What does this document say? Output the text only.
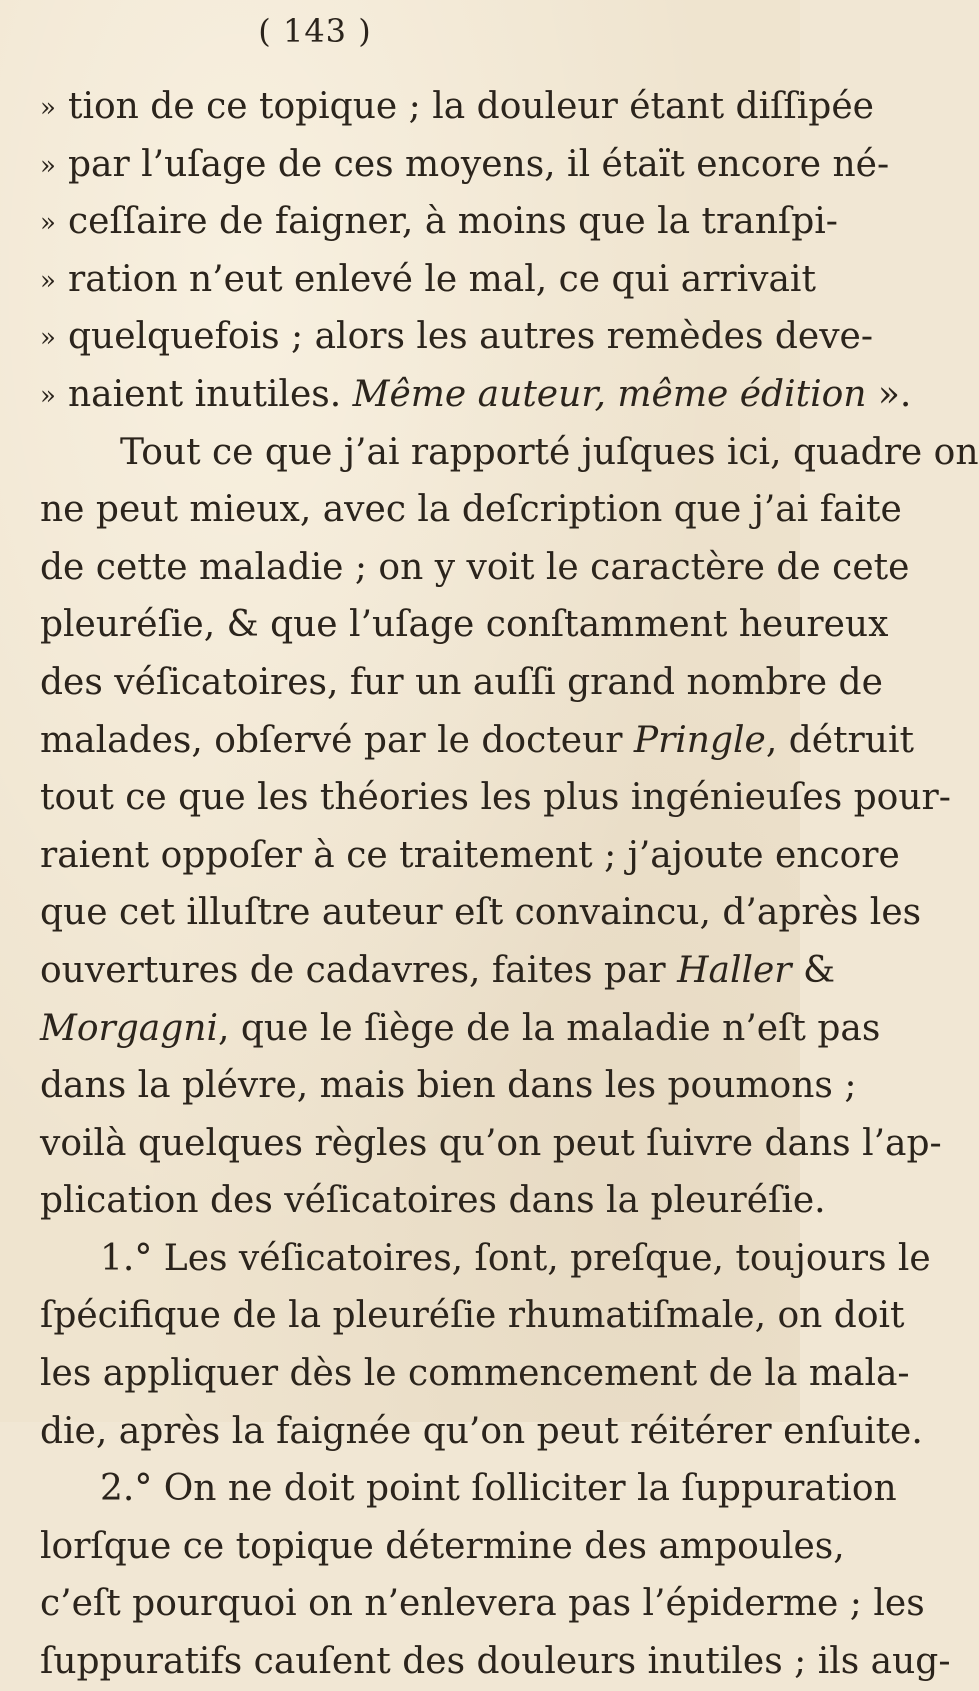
( 143 )
» tion de ce topique ; la douleur étant diſſipée
» par l’uſage de ces moyens, il étaït encore né-
» ceſſaire de faigner, à moins que la tranſpi-
» ration n’eut enlevé le mal, ce qui arrivait
» quelquefois ; alors les autres remèdes deve-
» naient inutiles. Même auteur, même édition ».
Tout ce que j’ai rapporté juſques ici, quadre on
ne peut mieux, avec la deſcription que j’ai faite
de cette maladie ; on y voit le caractère de cete
pleuréſie, & que l’uſage conſtamment heureux
des véſicatoires, fur un auſſi grand nombre de
malades, obſervé par le docteur Pringle, détruit
tout ce que les théories les plus ingénieuſes pour-
raient oppoſer à ce traitement ; j’ajoute encore
que cet illuſtre auteur eſt convaincu, d’après les
ouvertures de cadavres, faites par Haller &
Morgagni, que le ſiège de la maladie n’eſt pas
dans la plévre, mais bien dans les poumons ;
voilà quelques règles qu’on peut ſuivre dans l’ap-
plication des véſicatoires dans la pleuréſie.
1.° Les véſicatoires, ſont, preſque, toujours le
ſpécifique de la pleuréſie rhumatiſmale, on doit
les appliquer dès le commencement de la mala-
die, après la faignée qu’on peut réitérer enſuite.
2.° On ne doit point ſolliciter la ſuppuration
lorſque ce topique détermine des ampoules,
c’eſt pourquoi on n’enlevera pas l’épiderme ; les
ſuppuratifs cauſent des douleurs inutiles ; ils aug-
